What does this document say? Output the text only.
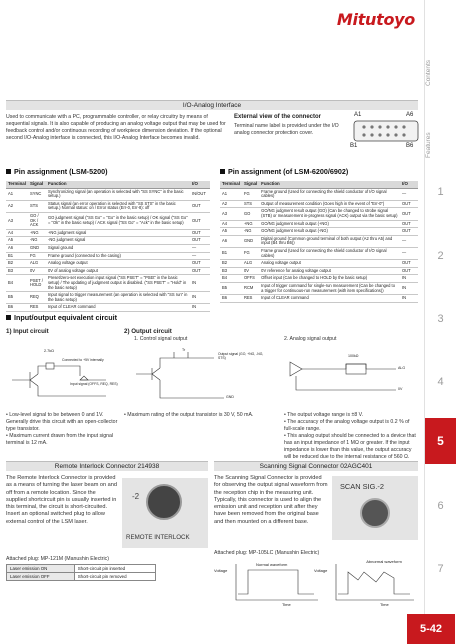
Mitutoyo
Contents
Features
1
2
3
4
5
6
7
5-42
I/O-Analog Interface
Used to communicate with a PC, programmable controller, or relay circuitry by means of sequential signals. It is also capable of producing an analog voltage output that may be used for feedback control and/or continuous recording of workpiece dimension deviation. If the optional second I/O-Analog interface is connected, this I/O-Analog Interface becomes invalid.
External view of the connector
Terminal name label is provided under the I/O analog connector protection cover.
A1	A6
B1	B6
Pin assignment (LSM-5200)	Pin assignment (of LSM-6200/6902)
Terminal	Signal	Function	I/O
A1	SYNC	Synchronizing signal (an operation is selected with "SS SYNC" in the basic setup.)	IN/OUT
A2	STS	Status signal (an error operation is selected with "SS STS" in the basic setup.) Normal status: on / Error status (Err-0, Err-8): off	OUT
A3	GO / OK / ACK	GO judgment signal ("SS Go" = "Go" in the basic setup) / OK signal ("SS Go" = "Ok" in the basic setup) / ACK signal ("SS Go" = "Ack" in the basic setup)	OUT
A4	+NG	+NG judgment signal	OUT
A5	-NG	-NG judgment signal	OUT
A6	GND	Signal ground	—
B1	FG	Frame ground (connected to the casing)	—
B2	ALG	Analog voltage output	OUT
B3	0V	0V of analog voltage output	OUT
B4	PSET / HOLD	Preset/zero-set execution input signal ("SS PSET" = "PSEt" in the basic setup) / The updating of judgment output is disabled. ("SS PSET" = "Hold" in the basic setup)	IN
B5	REQ	Input signal to trigger measurement (an operation is selected with "SS run" in the basic setup)	IN
B6	RES	Input of CLEAR command	IN
Terminal	Signal	Function	I/O
A1	FG	Frame ground (Used for connecting the shield conductor of I/O signal cables)	—
A2	STS	Output of measurement condition (Goes high in the event of "Err-0")	OUT
A3	GO	GO/NG judgment result output (GO) (Can be changed to strobe signal (STB) or measurement in-progress signal (ACK) output via the basic setup)	OUT
A4	+NG	GO/NG judgment result output (+NG)	OUT
A5	-NG	GO/NG judgment result output (-NG)	OUT
A6	GND	Digital ground (Common ground terminal of both output (A2 thru A5) and input (B4 thru B6))	—
B1	FG	Frame ground (Used for connecting the shield conductor of I/O signal cables)	—
B2	ALG	Analog voltage output	OUT
B3	0V	0V reference for analog voltage output	OUT
B4	OFFS	Offset input (Can be changed to HOLD by the basic setup)	IN
B5	RCM	Input of trigger command for single-run measurement (Can be changed to a trigger for continuous-run measurement (with item specifications))	IN
B6	RES	Input of CLEAR command	IN
Input/output equivalent circuit
1) Input circuit	2) Output circuit
1. Control signal output	2. Analog signal output
2.7kΩ
Connected to +5V internally
Input signal (OFFS, REQ, RES)
Tr
Output signal (GO, +NG, -NG, STS)
GND
100kΩ
ALG
0V
• Low-level signal to be between 0 and 1V. Generally drive this circuit with an open-collector type transistor.
• Maximum current drawn from the input signal terminal is 12 mA.
• Maximum rating of the output transistor is 30 V, 50 mA.	• The output voltage range is ±8 V.
• The accuracy of the analog voltage output is 0.2 % of full-scale range.
• This analog output should be connected to a device that has an input impedance of 1 MΩ or greater. If the input impedance is lower than this value, the output accuracy will be reduced due to the internal resistance of 560 Ω.
Remote Interlock Connector 214938
The Remote Interlock Connector is provided as a means of turning the laser beam on and off from a remote location. Since the supplied shortcircuit pin is usually inserted in this terminal, the circuit is short-circuited. Insert an optional switched plug to allow external control of the LSM laser.
-2
REMOTE INTERLOCK
Attached plug: MP-121M (Manushin Electric)
Laser emission ON	Short-circuit pin inserted
Laser emission OFF	Short-circuit pin removed
Scanning Signal Connector 02AGC401
The Scanning Signal Connector is provided for observing the output signal waveform from the reception chip in the measuring unit. Typically, this connector is used to align the emission unit and reception unit after they have been removed from the original base and then mounted on a different base.
SCAN SIG.-2
Attached plug: MP-105LC (Manushin Electric)
Voltage	Voltage
Normal waveform
Abnormal waveform
Time	Time
